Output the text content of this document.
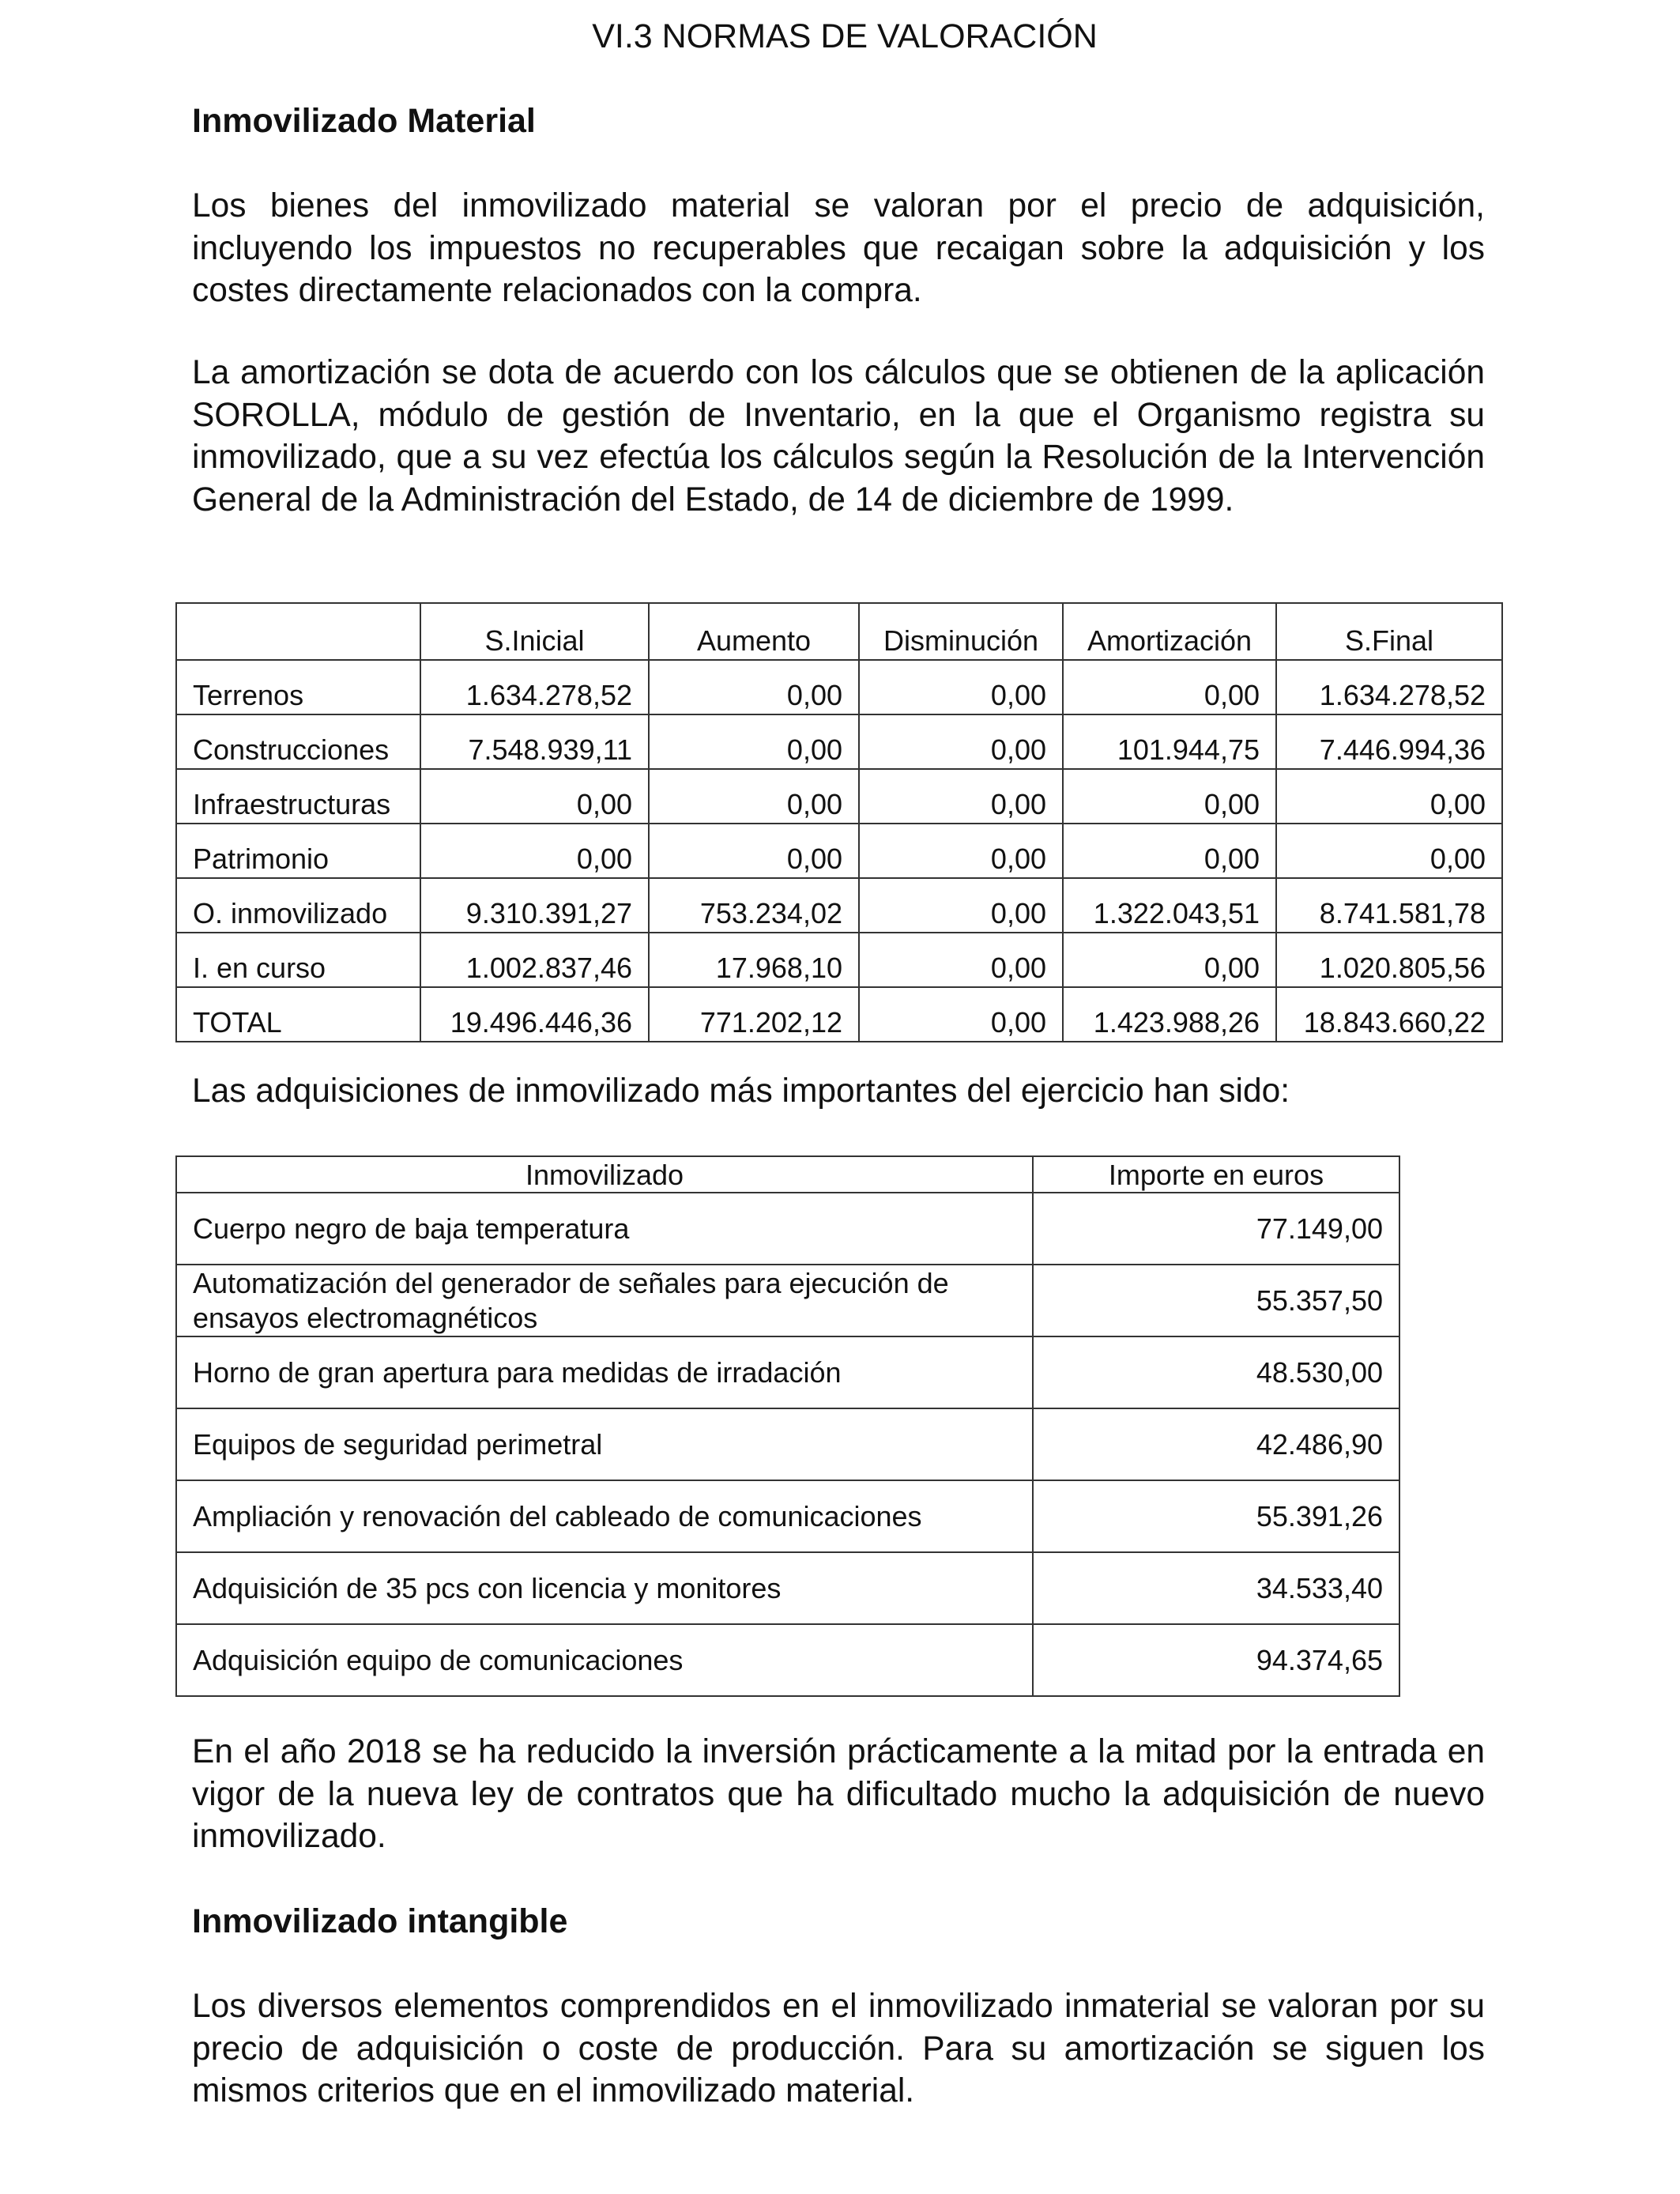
VI.3 NORMAS DE VALORACIÓN
Inmovilizado Material
Los bienes del inmovilizado material se valoran por el precio de adquisición, incluyendo los impuestos no recuperables que recaigan sobre la adquisición y los costes directamente relacionados con la compra.
La amortización se dota de acuerdo con los cálculos que se obtienen de la aplicación SOROLLA, módulo de gestión de Inventario, en la que el Organismo registra su inmovilizado, que a su vez efectúa los cálculos según la Resolución de la Intervención General de la Administración del Estado, de 14 de diciembre de 1999.
	S.Inicial	Aumento	Disminución	Amortización	S.Final
Terrenos	1.634.278,52	0,00	0,00	0,00	1.634.278,52
Construcciones	7.548.939,11	0,00	0,00	101.944,75	7.446.994,36
Infraestructuras	0,00	0,00	0,00	0,00	0,00
Patrimonio	0,00	0,00	0,00	0,00	0,00
O. inmovilizado	9.310.391,27	753.234,02	0,00	1.322.043,51	8.741.581,78
I. en curso	1.002.837,46	17.968,10	0,00	0,00	1.020.805,56
TOTAL	19.496.446,36	771.202,12	0,00	1.423.988,26	18.843.660,22
Las adquisiciones de inmovilizado más importantes del ejercicio han sido:
Inmovilizado	Importe en euros
Cuerpo negro de baja temperatura	77.149,00
Automatización del generador de señales para ejecución de ensayos electromagnéticos	55.357,50
Horno de gran apertura para medidas de irradación	48.530,00
Equipos de seguridad perimetral	42.486,90
Ampliación y renovación del cableado de comunicaciones	55.391,26
Adquisición de 35 pcs con licencia y monitores	34.533,40
Adquisición equipo de comunicaciones	94.374,65
En el año 2018 se ha reducido la inversión prácticamente a la mitad por la entrada en vigor de la nueva ley de contratos que ha dificultado mucho la adquisición de nuevo inmovilizado.
Inmovilizado intangible
Los diversos elementos comprendidos en el inmovilizado inmaterial se valoran por su precio de adquisición o coste de producción. Para su amortización se siguen los mismos criterios que en el inmovilizado material.
